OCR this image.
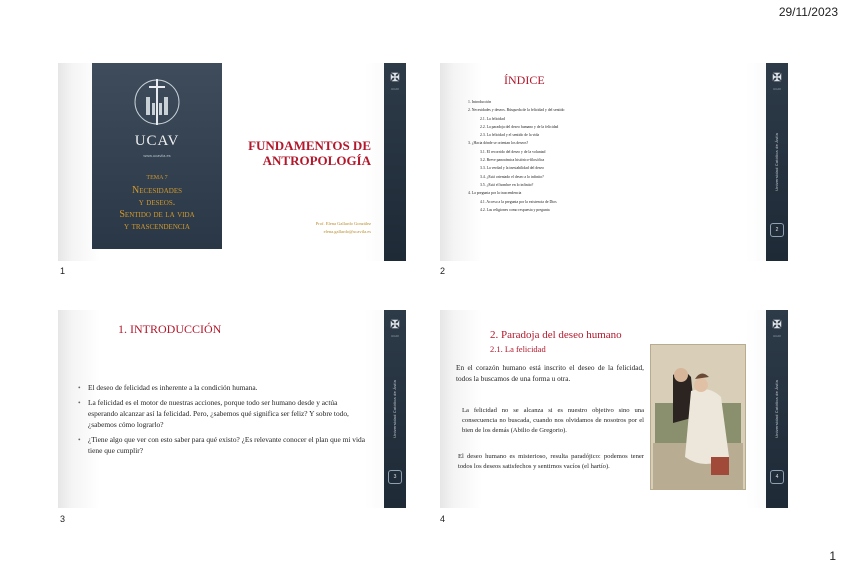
29/11/2023
UCAV
www.ucavila.es
TEMA 7
Necesidades
y deseos.
Sentido de la vida
y trascendencia
FUNDAMENTOS DE
ANTROPOLOGÍA
Prof. Elena Gallardo González
elena.gallardo@ucavila.es
✠
UCAV
1
ÍNDICE
1. Introducción
2. Necesidades y deseos. Búsqueda de la felicidad y del sentido
2.1. La felicidad
2.2. La paradoja del deseo humano y de la felicidad
2.3. La felicidad y el sentido de la vida
3. ¿Hacia dónde se orientan los deseos?
3.1. El recorrido del deseo y de la voluntad
3.2. Breve panorámica histórico-filosófica
3.3. La verdad y la inestabilidad del deseo
3.4. ¿Está orientado el deseo a lo infinito?
3.5. ¿Está el hombre en lo infinito?
4. La pregunta por la trascendencia
4.1. Acceso a la pregunta por la existencia de Dios
4.2. Las religiones como respuesta y pregunta
✠
UCAV
Universidad Católica de Ávila
2
2
1. INTRODUCCIÓN
• El deseo de felicidad es inherente a la condición humana.
• La felicidad es el motor de nuestras acciones, porque todo ser humano desde y actúa esperando alcanzar así la felicidad. Pero, ¿sabemos qué significa ser feliz? Y sobre todo, ¿sabemos cómo lograrlo?
• ¿Tiene algo que ver con esto saber para qué existo? ¿Es relevante conocer el plan que mi vida tiene que cumplir?
✠
UCAV
Universidad Católica de Ávila
3
3
2. Paradoja del deseo humano
2.1. La felicidad
En el corazón humano está inscrito el deseo de la felicidad, todos la buscamos de una forma u otra.
La felicidad no se alcanza si es nuestro objetivo sino una consecuencia no buscada, cuando nos olvidamos de nosotros por el bien de los demás (Abilio de Gregorio).
El deseo humano es misterioso, resulta paradójico: podemos tener todos los deseos satisfechos y sentirnos vacíos (el hartío).
✠
UCAV
Universidad Católica de Ávila
4
4
1
